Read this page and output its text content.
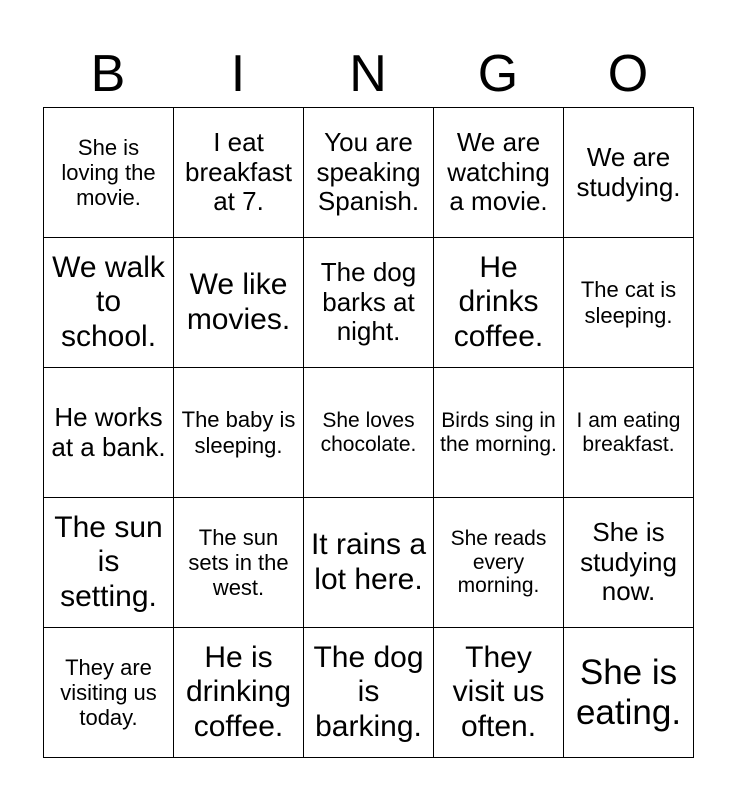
B	I	N	G	O
She is loving the movie.	I eat breakfast at 7.	You are speaking Spanish.	We are watching a movie.	We are studying.
We walk to school.	We like movies.	The dog barks at night.	He drinks coffee.	The cat is sleeping.
He works at a bank.	The baby is sleeping.	She loves chocolate.	Birds sing in the morning.	I am eating breakfast.
The sun is setting.	The sun sets in the west.	It rains a lot here.	She reads every morning.	She is studying now.
They are visiting us today.	He is drinking coffee.	The dog is barking.	They visit us often.	She is eating.
